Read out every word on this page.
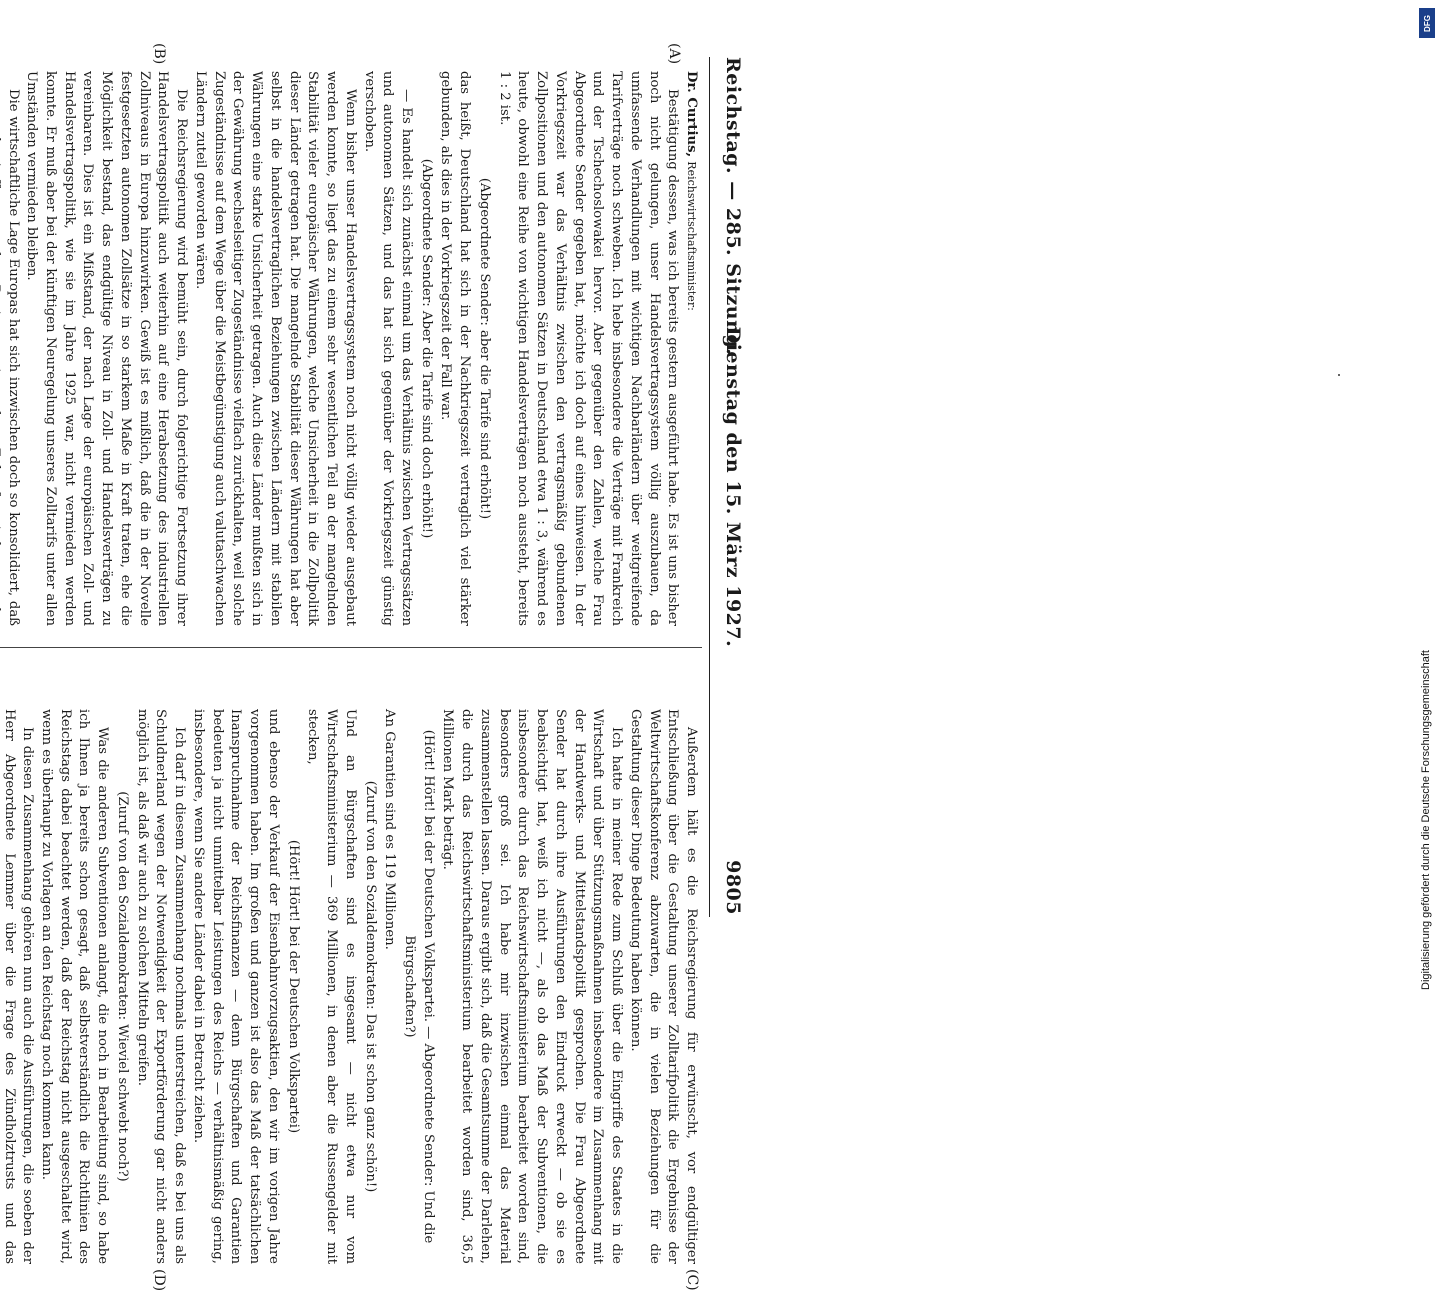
Reichstag. — 285. Sitzung.
Dienstag den 15. März 1927.
9805
(A)
(B)
(C)
(D)

Dr. Curtius, Reichswirtschaftsminister:

Bestätigung dessen, was ich bereits gestern ausgeführt habe. Es ist uns bisher noch nicht gelungen, unser Handelsvertragssystem völlig auszubauen, da umfassende Verhandlungen mit wichtigen Nachbarländern über weitgreifende Tarifverträge noch schweben. Ich hebe insbesondere die Verträge mit Frankreich und der Tschechoslowakei hervor. Aber gegenüber den Zahlen, welche Frau Abgeordnete Sender gegeben hat, möchte ich doch auf eines hinweisen. In der Vorkriegszeit war das Verhältnis zwischen den vertragsmäßig gebundenen Zollpositionen und den autonomen Sätzen in Deutschland etwa 1 : 3, während es heute, obwohl eine Reihe von wichtigen Handelsverträgen noch aussteht, bereits 1 : 2 ist.

(Abgeordnete Sender: aber die Tarife sind erhöht!)

das heißt, Deutschland hat sich in der Nachkriegszeit vertraglich viel stärker gebunden, als dies in der Vorkriegszeit der Fall war.

(Abgeordnete Sender: Aber die Tarife sind doch erhöht!)

— Es handelt sich zunächst einmal um das Verhältnis zwischen Vertragssätzen und autonomen Sätzen, und das hat sich gegenüber der Vorkriegszeit günstig verschoben.

Wenn bisher unser Handelsvertragssystem noch nicht völlig wieder ausgebaut werden konnte, so liegt das zu einem sehr wesentlichen Teil an der mangelnden Stabilität vieler europäischer Währungen, welche Unsicherheit in die Zollpolitik dieser Länder getragen hat. Die mangelnde Stabilität dieser Währungen hat aber selbst in die handelsvertraglichen Beziehungen zwischen Ländern mit stabilen Währungen eine starke Unsicherheit getragen. Auch diese Länder mußten sich in der Gewährung wechselseitiger Zugeständnisse vielfach zurückhalten, weil solche Zugeständnisse auf dem Wege über die Meistbegünstigung auch valutaschwachen Ländern zuteil geworden wären.

Die Reichsregierung wird bemüht sein, durch folgerichtige Fortsetzung ihrer Handelsvertragspolitik auch weiterhin auf eine Herabsetzung des industriellen Zollniveaus in Europa hinzuwirken. Gewiß ist es mißlich, daß die in der Novelle festgesetzten autonomen Zollsätze in so starkem Maße in Kraft traten, ehe die Möglichkeit bestand, das endgültige Niveau in Zoll- und Handelsverträgen zu vereinbaren. Dies ist ein Mißstand, der nach Lage der europäischen Zoll- und Handelsvertragspolitik, wie sie im Jahre 1925 war, nicht vermieden werden konnte. Er muß aber bei der künftigen Neuregelung unseres Zolltarifs unter allen Umständen vermieden bleiben.

Die wirtschaftliche Lage Europas hat sich inzwischen doch so konsolidiert, daß

Außerdem hält es die Reichsregierung für erwünscht, vor endgültiger Entschließung über die Gestaltung unserer Zolltarifpolitik die Ergebnisse der Weltwirtschaftskonferenz abzuwarten, die in vielen Beziehungen für die Gestaltung dieser Dinge Bedeutung haben können.

Ich hatte in meiner Rede zum Schluß über die Eingriffe des Staates in die Wirtschaft und über Stützungsmaßnahmen insbesondere im Zusammenhang mit der Handwerks- und Mittelstandspolitik gesprochen. Die Frau Abgeordnete Sender hat durch ihre Ausführungen den Eindruck erweckt — ob sie es beabsichtigt hat, weiß ich nicht —, als ob das Maß der Subventionen, die insbesondere durch das Reichswirtschaftsministerium bearbeitet worden sind, besonders groß sei. Ich habe mir inzwischen einmal das Material zusammenstellen lassen. Daraus ergibt sich, daß die Gesamtsumme der Darlehen, die durch das Reichswirtschaftsministerium bearbeitet worden sind, 36,5 Millionen Mark beträgt.

(Hört! Hört! bei der Deutschen Volkspartei. — Abgeordnete Sender: Und die Bürgschaften?)

An Garantien sind es 119 Millionen.

(Zuruf von den Sozialdemokraten: Das ist schon ganz schön!)

Und an Bürgschaften sind es insgesamt — nicht etwa nur vom Wirtschaftsministerium — 369 Millionen, in denen aber die Russengelder mit stecken,

(Hört! Hört! bei der Deutschen Volkspartei)

und ebenso der Verkauf der Eisenbahnvorzugsaktien, den wir im vorigen Jahre vorgenommen haben. Im großen und ganzen ist also das Maß der tatsächlichen Inanspruchnahme der Reichsfinanzen — denn Bürgschaften und Garantien bedeuten ja nicht unmittelbar Leistungen des Reichs — verhältnismäßig gering, insbesondere, wenn Sie andere Länder dabei in Betracht ziehen.

Ich darf in diesem Zusammenhang nochmals unterstreichen, daß es bei uns als Schuldnerland wegen der Notwendigkeit der Exportförderung gar nicht anders möglich ist, als daß wir auch zu solchen Mitteln greifen.

(Zuruf von den Sozialdemokraten: Wieviel schwebt noch?)

Was die anderen Subventionen anlangt, die noch in Bearbeitung sind, so habe ich Ihnen ja bereits schon gesagt, daß selbstverständlich die Richtlinien des Reichstags dabei beachtet werden, daß der Reichstag nicht ausgeschaltet wird, wenn es überhaupt zu Vorlagen an den Reichstag noch kommen kann.

In diesen Zusammenhang gehören nun auch die Ausführungen, die soeben der Herr Abgeordnete Lemmer über die Frage des Zündholztrusts und das

DFG
Digitalisierung gefördert durch die Deutsche Forschungsgemeinschaft
